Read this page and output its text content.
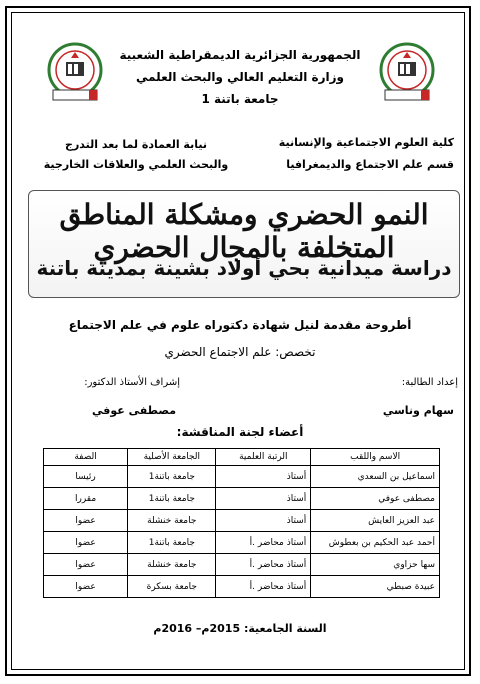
الجمهورية الجزائرية الديمقراطية الشعبية
وزارة التعليم العالي والبحث العلمي
جامعة باتنة 1
كلية العلوم الاجتماعية والإنسانية
قسم علم الاجتماع والديمغرافيا
نيابة العمادة لما بعد التدرج
والبحث العلمي والعلاقات الخارجية
النمو الحضري ومشكلة المناطق المتخلفة بالمجال الحضري
دراسة ميدانية بحي أولاد بشينة بمدينة باتنة
أطروحة مقدمة لنيل شهادة دكتوراه علوم في علم الاجتماع
تخصص: علم الاجتماع الحضري
إعداد الطالبة:
سهام وناسي
إشراف الأستاذ الدكتور:
مصطفى عوفي
أعضاء لجنة المناقشة:
الاسم واللقب	الرتبة العلمية	الجامعة الأصلية	الصفة
اسماعيل بن السعدي	أستاذ	جامعة باتنة1	رئيسا
مصطفى عوفي	أستاذ	جامعة باتنة1	مقررا
عبد العزيز العايش	أستاذ	جامعة خنشلة	عضوا
أحمد عبد الحكيم بن بعطوش	أستاذ محاضر .أ	جامعة باتنة1	عضوا
سها حزاوي	أستاذ محاضر .أ	جامعة خنشلة	عضوا
عبيدة صبطي	أستاذ محاضر .أ	جامعة بسكرة	عضوا
السنة الجامعية: 2015م– 2016م
